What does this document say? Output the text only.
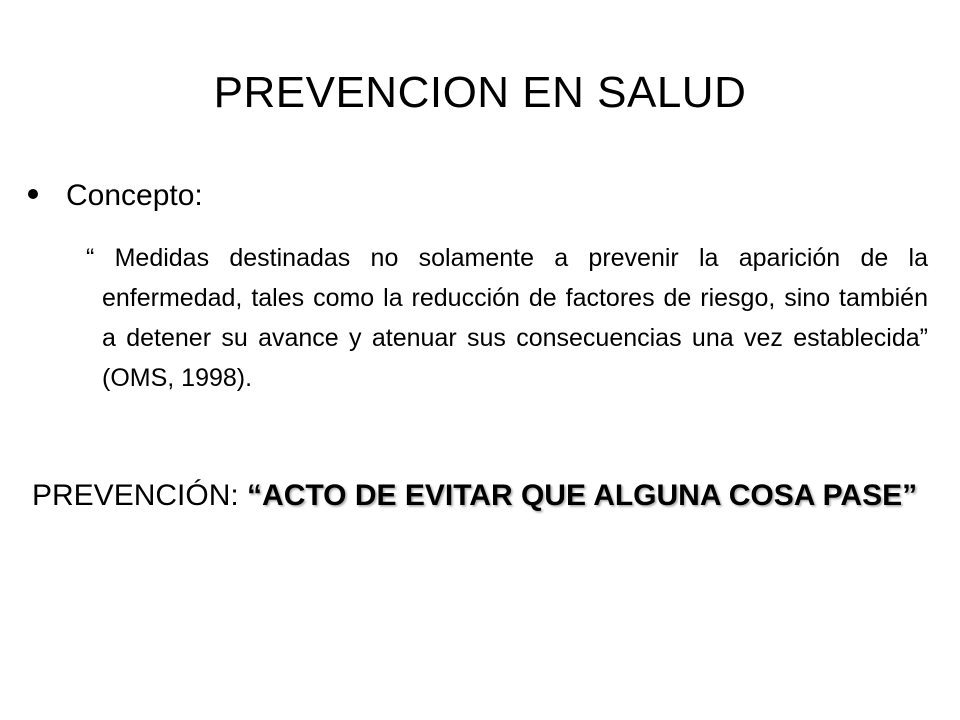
PREVENCION EN SALUD
Concepto:
“ Medidas destinadas no solamente a prevenir la aparición de la enfermedad, tales como la reducción de factores de riesgo, sino también a detener su avance y atenuar sus consecuencias una vez establecida” (OMS, 1998).
PREVENCIÓN: “ACTO DE EVITAR QUE ALGUNA COSA PASE”
